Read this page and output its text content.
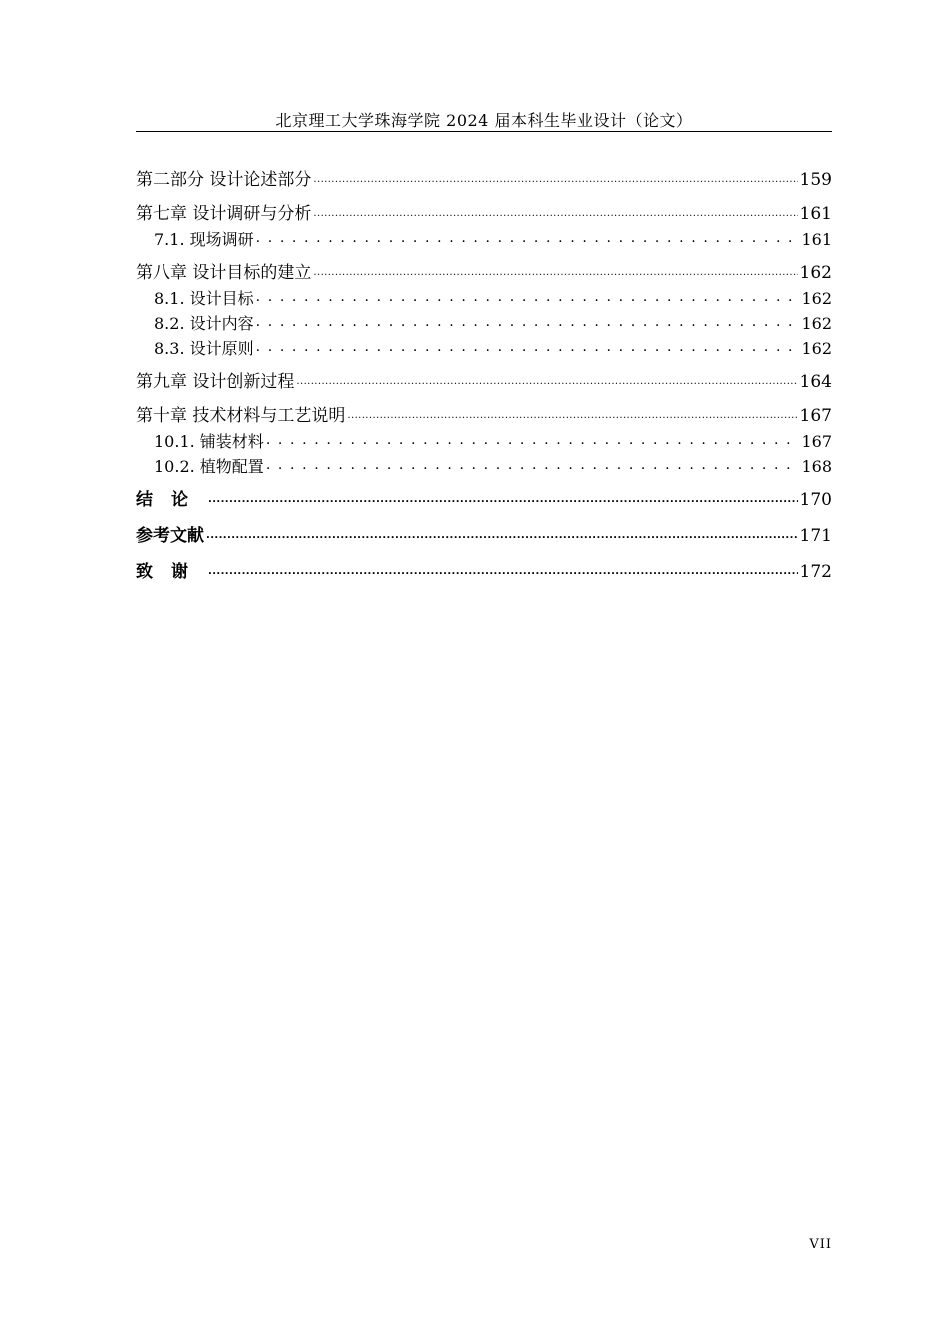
北京理工大学珠海学院 2024 届本科生毕业设计（论文）
第二部分 设计论述部分 .....	159
第七章 设计调研与分析 .....	161
7.1. 现场调研 . . .	161
第八章 设计目标的建立 .....	162
8.1. 设计目标 . . .	162
8.2. 设计内容 . . .	162
8.3. 设计原则 . . .	162
第九章 设计创新过程 .....	164
第十章 技术材料与工艺说明 .....	167
10.1. 铺装材料 . . .	167
10.2. 植物配置 . . .	168
结论 .....	170
参考文献 .....	171
致谢 .....	172
VII
